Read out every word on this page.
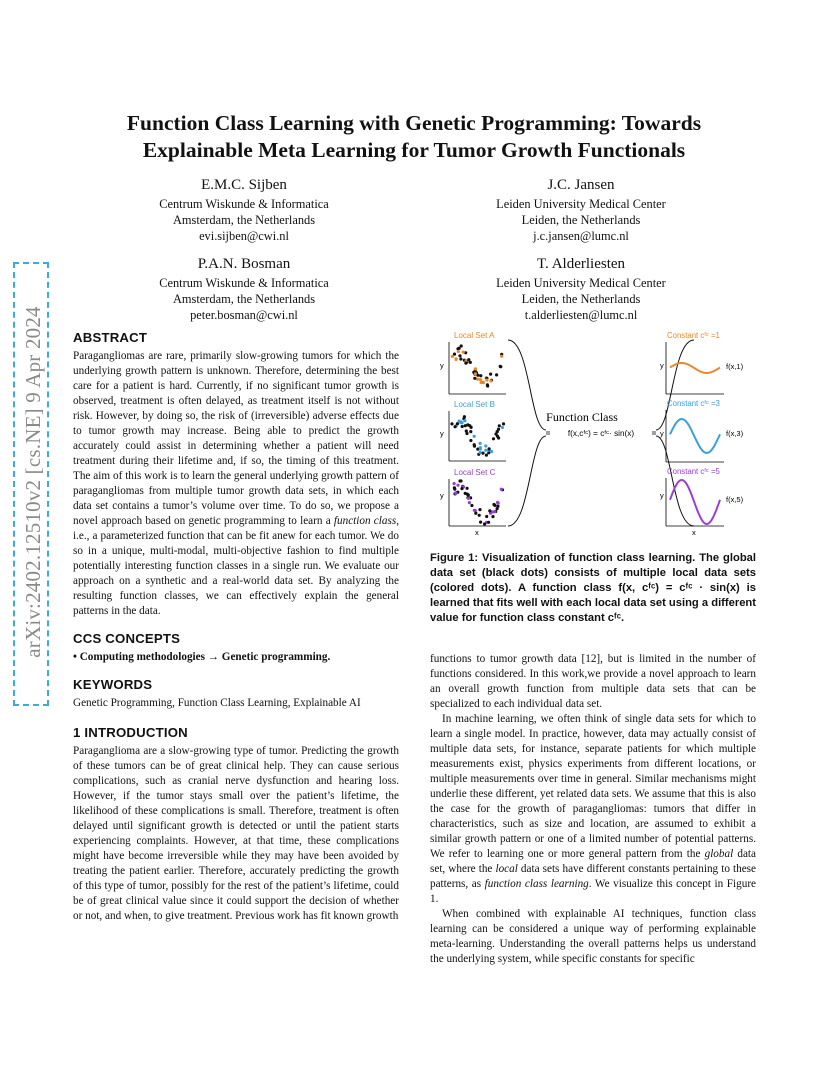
arXiv:2402.12510v2 [cs.NE] 9 Apr 2024
Function Class Learning with Genetic Programming: Towards
Explainable Meta Learning for Tumor Growth Functionals
E.M.C. Sijben
Centrum Wiskunde & Informatica
Amsterdam, the Netherlands
evi.sijben@cwi.nl
J.C. Jansen
Leiden University Medical Center
Leiden, the Netherlands
j.c.jansen@lumc.nl
P.A.N. Bosman
Centrum Wiskunde & Informatica
Amsterdam, the Netherlands
peter.bosman@cwi.nl
T. Alderliesten
Leiden University Medical Center
Leiden, the Netherlands
t.alderliesten@lumc.nl
ABSTRACT
Paragangliomas are rare, primarily slow-growing tumors for which the underlying growth pattern is unknown. Therefore, determining the best care for a patient is hard. Currently, if no significant tumor growth is observed, treatment is often delayed, as treatment itself is not without risk. However, by doing so, the risk of (irreversible) adverse effects due to tumor growth may increase. Being able to predict the growth accurately could assist in determining whether a patient will need treatment during their lifetime and, if so, the timing of this treatment. The aim of this work is to learn the general underlying growth pattern of paragangliomas from multiple tumor growth data sets, in which each data set contains a tumor’s volume over time. To do so, we propose a novel approach based on genetic programming to learn a function class, i.e., a parameterized function that can be fit anew for each tumor. We do so in a unique, multi-modal, multi-objective fashion to find multiple potentially interesting function classes in a single run. We evaluate our approach on a synthetic and a real-world data set. By analyzing the resulting function classes, we can effectively explain the general patterns in the data.
CCS CONCEPTS
• Computing methodologies → Genetic programming.
KEYWORDS
Genetic Programming, Function Class Learning, Explainable AI
1 INTRODUCTION
Paraganglioma are a slow-growing type of tumor. Predicting the growth of these tumors can be of great clinical help. They can cause serious complications, such as cranial nerve dysfunction and hearing loss. However, if the tumor stays small over the patient’s lifetime, the likelihood of these complications is small. Therefore, treatment is often delayed until significant growth is detected or until the patient starts experiencing complaints. However, at that time, these complications might have become irreversible while they may have been avoided by treating the patient earlier. Therefore, accurately predicting the growth of this type of tumor, possibly for the rest of the patient’s lifetime, could be of great clinical value since it could support the decision of whether or not, and when, to give treatment. Previous work has fit known growth
Local Set A
y
Local Set B
y
Local Set C
y
x
Function Class
f(x,cᶠᶜ) = cᶠᶜ· sin(x)
Constant cᶠᶜ =1
y	f(x,1)
Constant cᶠᶜ =3
y	f(x,3)
Constant cᶠᶜ =5
y	f(x,5)
x
Figure 1: Visualization of function class learning. The global data set (black dots) consists of multiple local data sets (colored dots). A function class f(x, cᶠᶜ) = cᶠᶜ · sin(x) is learned that fits well with each local data set using a different value for function class constant cᶠᶜ.
functions to tumor growth data [12], but is limited in the number of functions considered. In this work,we provide a novel approach to learn an overall growth function from multiple data sets that can be specialized to each individual data set.
In machine learning, we often think of single data sets for which to learn a single model. In practice, however, data may actually consist of multiple data sets, for instance, separate patients for which multiple measurements exist, physics experiments from different locations, or multiple measurements over time in general. Similar mechanisms might underlie these different, yet related data sets. We assume that this is also the case for the growth of paragangliomas: tumors that differ in characteristics, such as size and location, are assumed to exhibit a similar growth pattern or one of a limited number of potential patterns. We refer to learning one or more general pattern from the global data set, where the local data sets have different constants pertaining to these patterns, as function class learning. We visualize this concept in Figure 1.
When combined with explainable AI techniques, function class learning can be considered a unique way of performing explainable meta-learning. Understanding the overall patterns helps us understand the underlying system, while specific constants for specific
